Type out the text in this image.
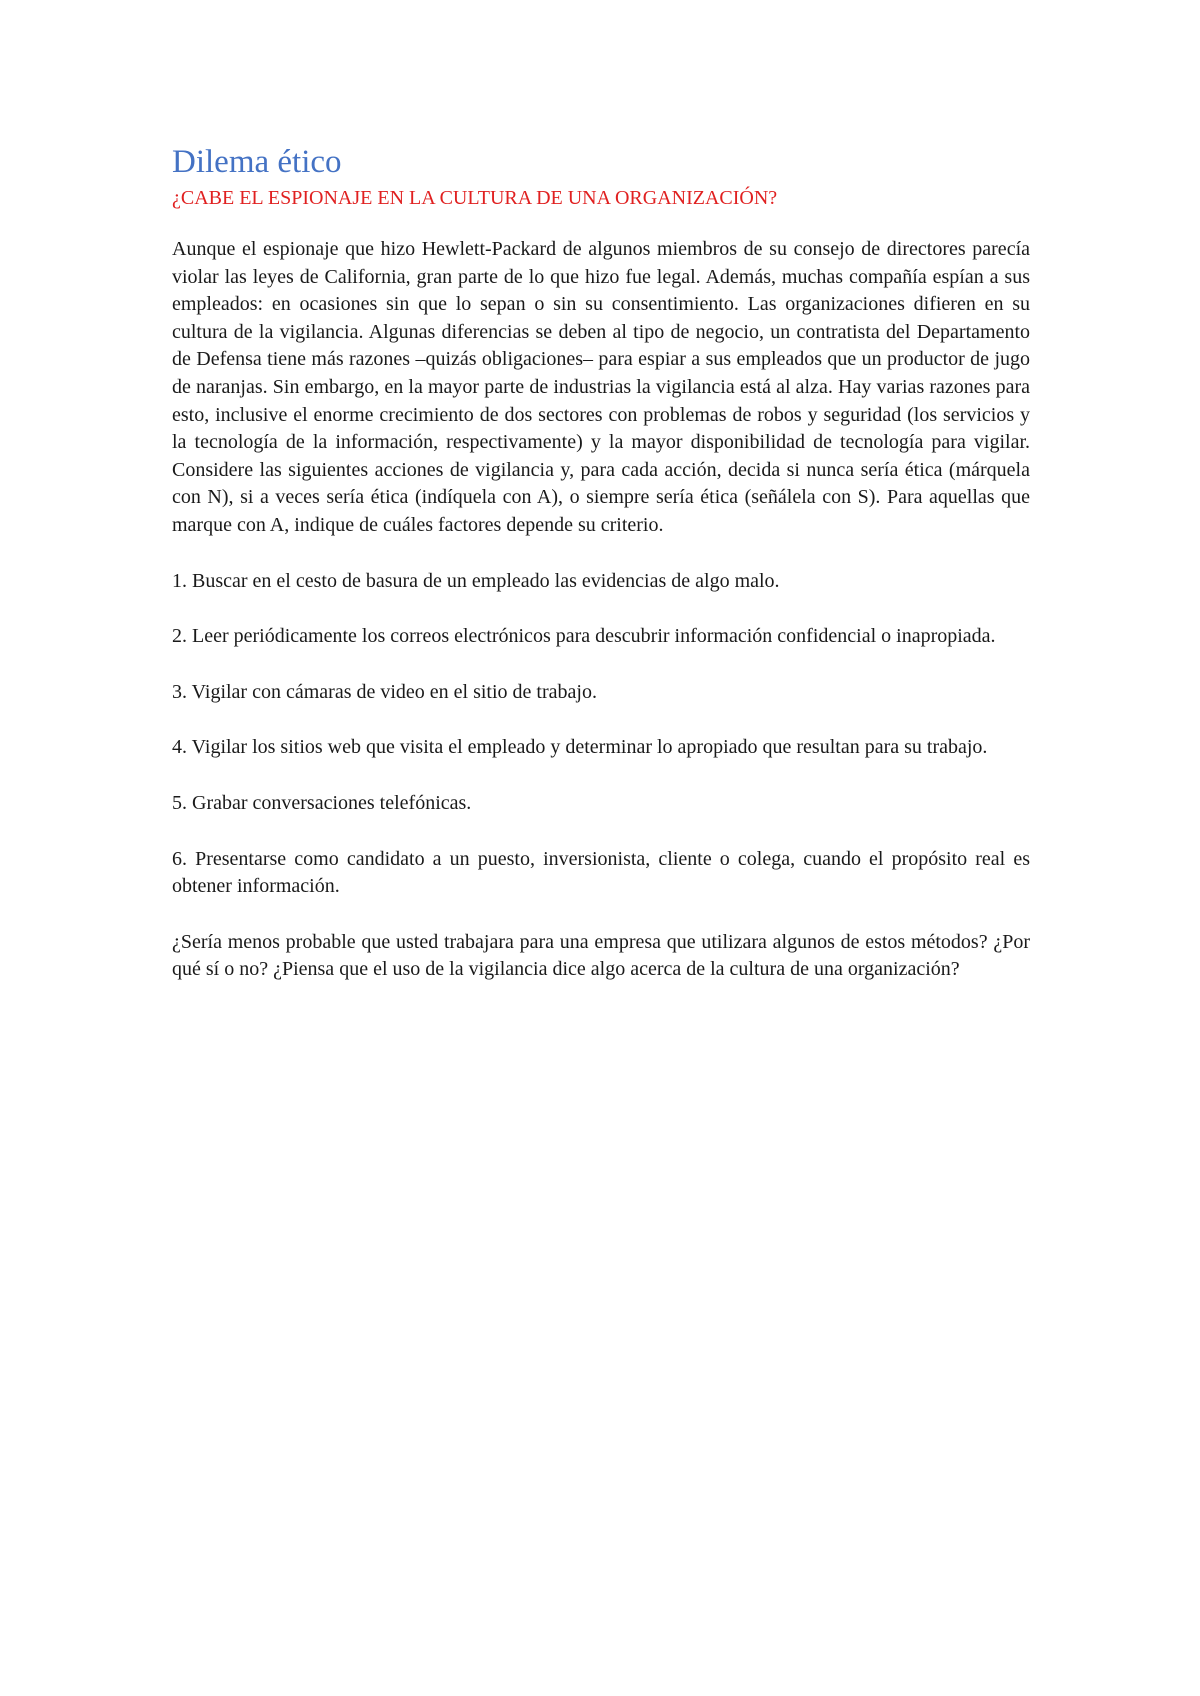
Dilema ético
¿CABE EL ESPIONAJE EN LA CULTURA DE UNA ORGANIZACIÓN?

Aunque el espionaje que hizo Hewlett-Packard de algunos miembros de su consejo de directores parecía violar las leyes de California, gran parte de lo que hizo fue legal. Además, muchas compañía espían a sus empleados: en ocasiones sin que lo sepan o sin su consentimiento. Las organizaciones difieren en su cultura de la vigilancia. Algunas diferencias se deben al tipo de negocio, un contratista del Departamento de Defensa tiene más razones –quizás obligaciones– para espiar a sus empleados que un productor de jugo de naranjas. Sin embargo, en la mayor parte de industrias la vigilancia está al alza. Hay varias razones para esto, inclusive el enorme crecimiento de dos sectores con problemas de robos y seguridad (los servicios y la tecnología de la información, respectivamente) y la mayor disponibilidad de tecnología para vigilar. Considere las siguientes acciones de vigilancia y, para cada acción, decida si nunca sería ética (márquela con N), si a veces sería ética (indíquela con A), o siempre sería ética (señálela con S). Para aquellas que marque con A, indique de cuáles factores depende su criterio.

1. Buscar en el cesto de basura de un empleado las evidencias de algo malo.

2. Leer periódicamente los correos electrónicos para descubrir información confidencial o inapropiada.

3. Vigilar con cámaras de video en el sitio de trabajo.

4. Vigilar los sitios web que visita el empleado y determinar lo apropiado que resultan para su trabajo.

5. Grabar conversaciones telefónicas.

6. Presentarse como candidato a un puesto, inversionista, cliente o colega, cuando el propósito real es obtener información.

¿Sería menos probable que usted trabajara para una empresa que utilizara algunos de estos métodos? ¿Por qué sí o no? ¿Piensa que el uso de la vigilancia dice algo acerca de la cultura de una organización?
